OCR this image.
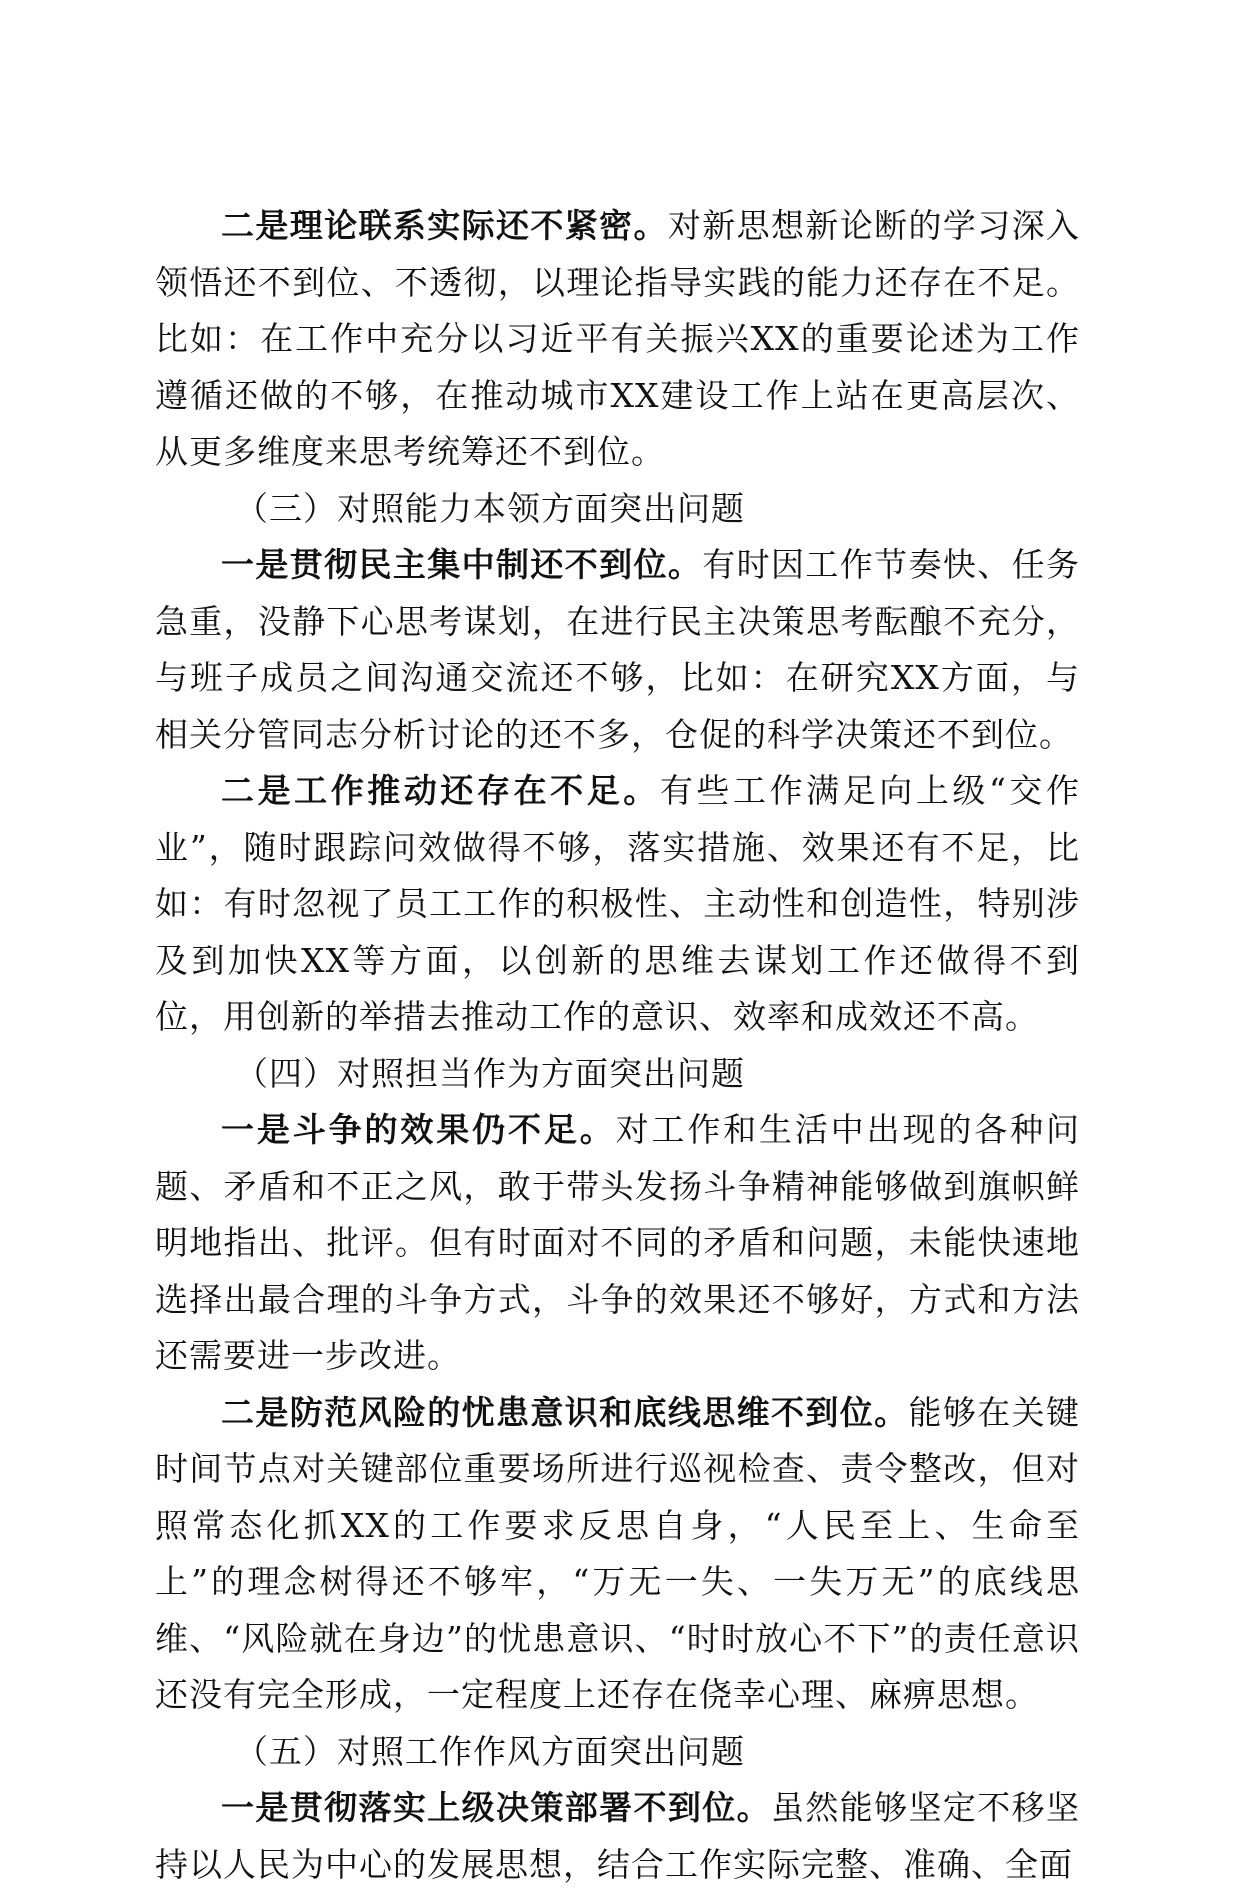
二是理论联系实际还不紧密。对新思想新论断的学习深入领悟还不到位、不透彻，以理论指导实践的能力还存在不足。比如：在工作中充分以习近平有关振兴XX的重要论述为工作遵循还做的不够，在推动城市XX建设工作上站在更高层次、从更多维度来思考统筹还不到位。

（三）对照能力本领方面突出问题

一是贯彻民主集中制还不到位。有时因工作节奏快、任务急重，没静下心思考谋划，在进行民主决策思考酝酿不充分，与班子成员之间沟通交流还不够，比如：在研究XX方面，与相关分管同志分析讨论的还不多，仓促的科学决策还不到位。

二是工作推动还存在不足。有些工作满足向上级“交作业”，随时跟踪问效做得不够，落实措施、效果还有不足，比如：有时忽视了员工工作的积极性、主动性和创造性，特别涉及到加快XX等方面，以创新的思维去谋划工作还做得不到位，用创新的举措去推动工作的意识、效率和成效还不高。

（四）对照担当作为方面突出问题

一是斗争的效果仍不足。对工作和生活中出现的各种问题、矛盾和不正之风，敢于带头发扬斗争精神能够做到旗帜鲜明地指出、批评。但有时面对不同的矛盾和问题，未能快速地选择出最合理的斗争方式，斗争的效果还不够好，方式和方法还需要进一步改进。

二是防范风险的忧患意识和底线思维不到位。能够在关键时间节点对关键部位重要场所进行巡视检查、责令整改，但对照常态化抓XX的工作要求反思自身，“人民至上、生命至上”的理念树得还不够牢，“万无一失、一失万无”的底线思维、“风险就在身边”的忧患意识、“时时放心不下”的责任意识还没有完全形成，一定程度上还存在侥幸心理、麻痹思想。

（五）对照工作作风方面突出问题

一是贯彻落实上级决策部署不到位。虽然能够坚定不移坚持以人民为中心的发展思想，结合工作实际完整、准确、全面
